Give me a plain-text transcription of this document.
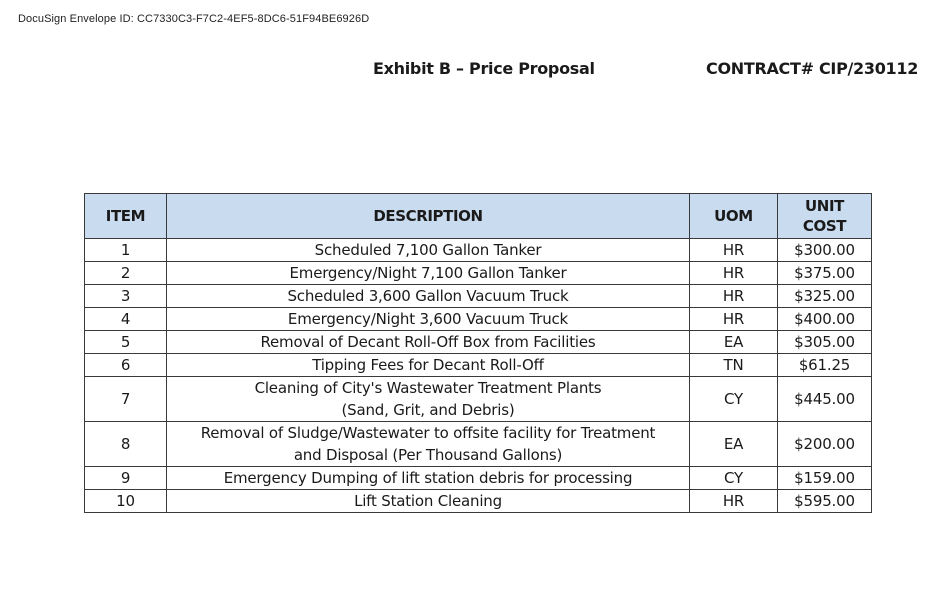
DocuSign Envelope ID: CC7330C3-F7C2-4EF5-8DC6-51F94BE6926D
Exhibit B – Price Proposal	CONTRACT# CIP/230112
ITEM	DESCRIPTION	UOM	UNIT
COST

1	Scheduled 7,100 Gallon Tanker	HR	$300.00
2	Emergency/Night 7,100 Gallon Tanker	HR	$375.00
3	Scheduled 3,600 Gallon Vacuum Truck	HR	$325.00
4	Emergency/Night 3,600 Vacuum Truck	HR	$400.00
5	Removal of Decant Roll-Off Box from Facilities	EA	$305.00
6	Tipping Fees for Decant Roll-Off	TN	$61.25
7	Cleaning of City's Wastewater Treatment Plants
(Sand, Grit, and Debris)	CY	$445.00
8	Removal of Sludge/Wastewater to offsite facility for Treatment
and Disposal (Per Thousand Gallons)	EA	$200.00
9	Emergency Dumping of lift station debris for processing	CY	$159.00
10	Lift Station Cleaning	HR	$595.00
